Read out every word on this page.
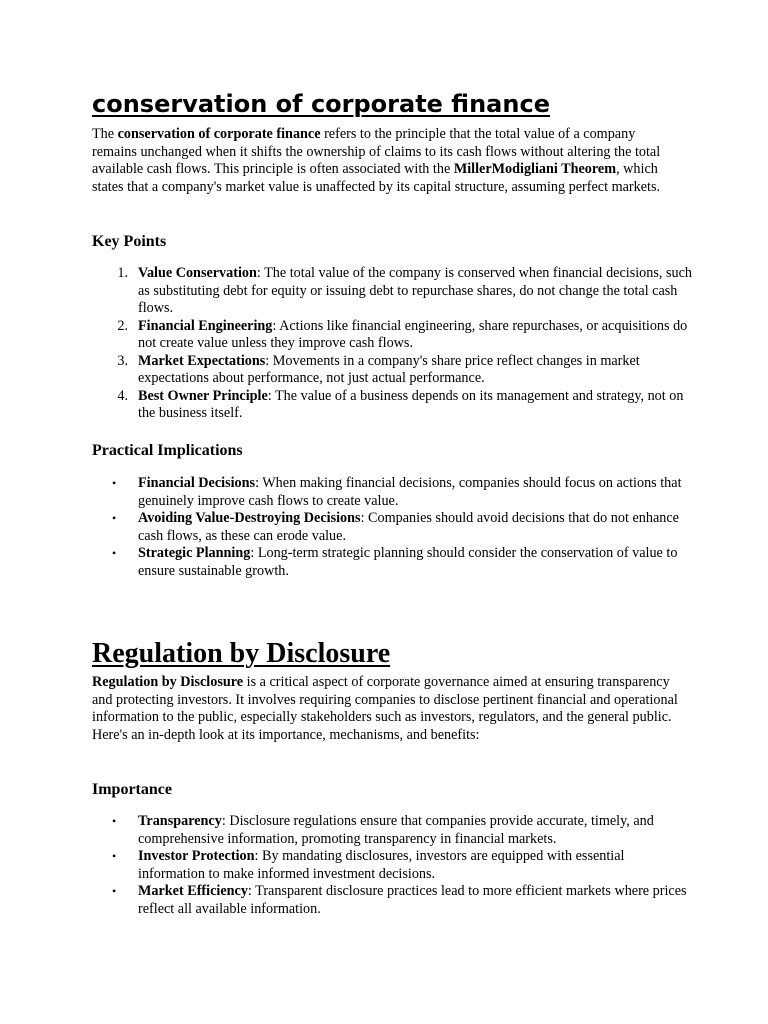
conservation of corporate finance

The conservation of corporate finance refers to the principle that the total value of a company remains unchanged when it shifts the ownership of claims to its cash flows without altering the total available cash flows. This principle is often associated with the MillerModigliani Theorem, which states that a company's market value is unaffected by its capital structure, assuming perfect markets.

Key Points
1. Value Conservation: The total value of the company is conserved when financial decisions, such as substituting debt for equity or issuing debt to repurchase shares, do not change the total cash flows.
2. Financial Engineering: Actions like financial engineering, share repurchases, or acquisitions do not create value unless they improve cash flows.
3. Market Expectations: Movements in a company's share price reflect changes in market expectations about performance, not just actual performance.
4. Best Owner Principle: The value of a business depends on its management and strategy, not on the business itself.
Practical Implications
•	Financial Decisions: When making financial decisions, companies should focus on actions that genuinely improve cash flows to create value.
•	Avoiding Value-Destroying Decisions: Companies should avoid decisions that do not enhance cash flows, as these can erode value.
•	Strategic Planning: Long-term strategic planning should consider the conservation of value to ensure sustainable growth.
Regulation by Disclosure

Regulation by Disclosure is a critical aspect of corporate governance aimed at ensuring transparency and protecting investors. It involves requiring companies to disclose pertinent financial and operational information to the public, especially stakeholders such as investors, regulators, and the general public. Here's an in-depth look at its importance, mechanisms, and benefits:

Importance
•	Transparency: Disclosure regulations ensure that companies provide accurate, timely, and comprehensive information, promoting transparency in financial markets.
•	Investor Protection: By mandating disclosures, investors are equipped with essential information to make informed investment decisions.
•	Market Efficiency: Transparent disclosure practices lead to more efficient markets where prices reflect all available information.
